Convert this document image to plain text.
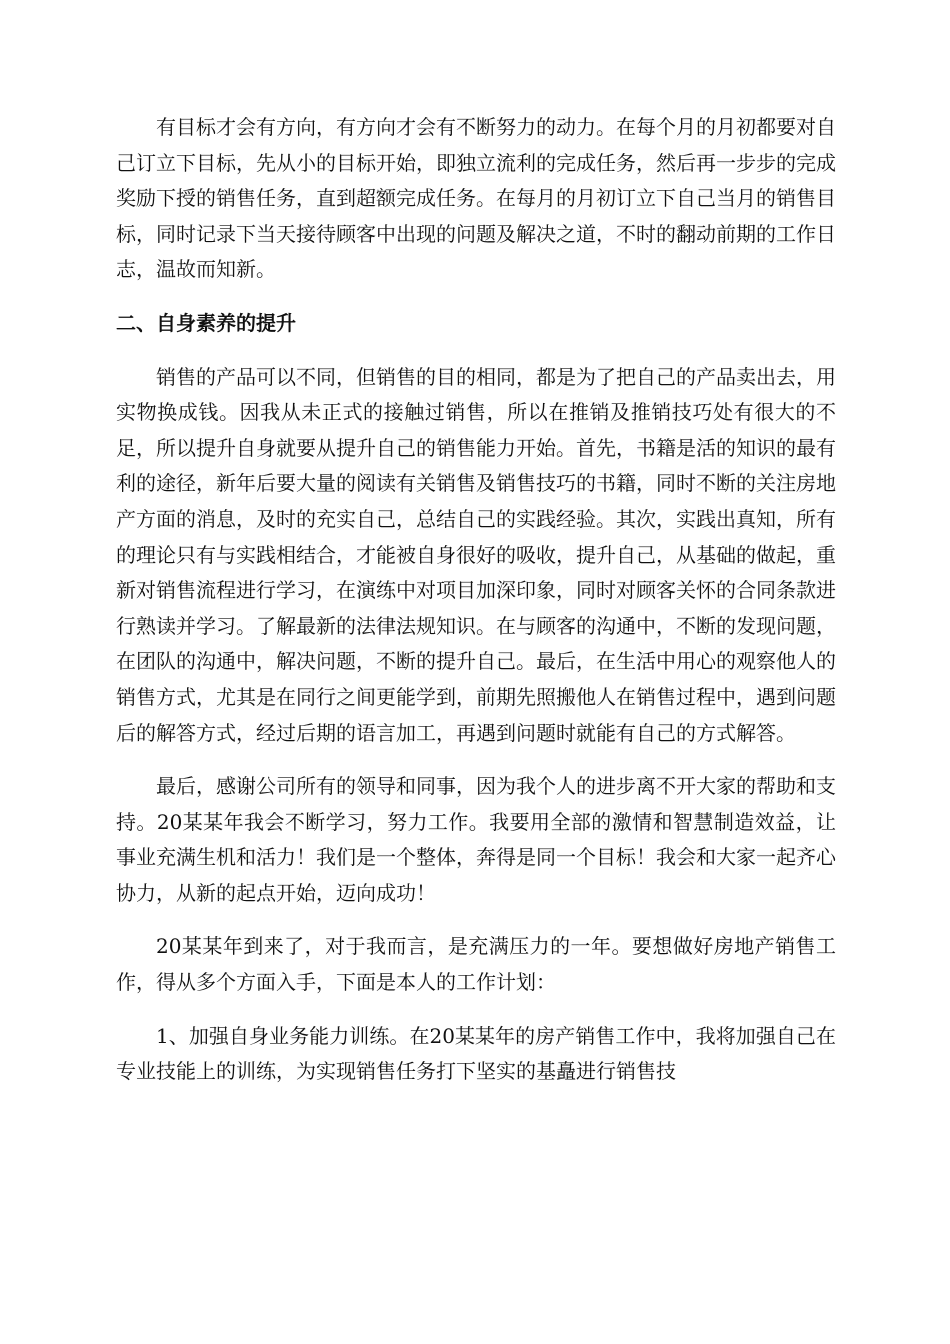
有目标才会有方向，有方向才会有不断努力的动力。在每个月的月初都要对自己订立下目标，先从小的目标开始，即独立流利的完成任务，然后再一步步的完成奖励下授的销售任务，直到超额完成任务。在每月的月初订立下自己当月的销售目标，同时记录下当天接待顾客中出现的问题及解决之道，不时的翻动前期的工作日志，温故而知新。

二、自身素养的提升

销售的产品可以不同，但销售的目的相同，都是为了把自己的产品卖出去，用实物换成钱。因我从未正式的接触过销售，所以在推销及推销技巧处有很大的不足，所以提升自身就要从提升自己的销售能力开始。首先，书籍是活的知识的最有利的途径，新年后要大量的阅读有关销售及销售技巧的书籍，同时不断的关注房地产方面的消息，及时的充实自己，总结自己的实践经验。其次，实践出真知，所有的理论只有与实践相结合，才能被自身很好的吸收，提升自己，从基础的做起，重新对销售流程进行学习，在演练中对项目加深印象，同时对顾客关怀的合同条款进行熟读并学习。了解最新的法律法规知识。在与顾客的沟通中，不断的发现问题，在团队的沟通中，解决问题，不断的提升自己。最后，在生活中用心的观察他人的销售方式，尤其是在同行之间更能学到，前期先照搬他人在销售过程中，遇到问题后的解答方式，经过后期的语言加工，再遇到问题时就能有自己的方式解答。

最后，感谢公司所有的领导和同事，因为我个人的进步离不开大家的帮助和支持。20某某年我会不断学习，努力工作。我要用全部的激情和智慧制造效益，让事业充满生机和活力！我们是一个整体，奔得是同一个目标！我会和大家一起齐心协力，从新的起点开始，迈向成功！

20某某年到来了，对于我而言，是充满压力的一年。要想做好房地产销售工作，得从多个方面入手，下面是本人的工作计划：

1、加强自身业务能力训练。在20某某年的房产销售工作中，我将加强自己在专业技能上的训练，为实现销售任务打下坚实的基矗进行销售技
